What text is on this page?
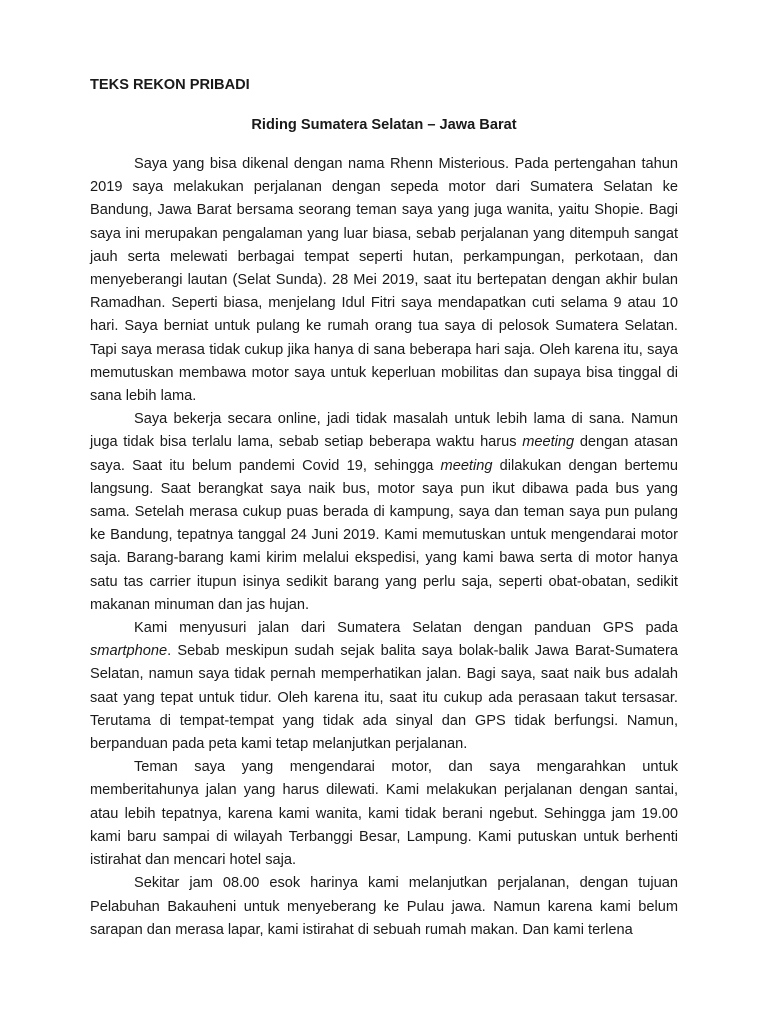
TEKS REKON PRIBADI

Riding Sumatera Selatan – Jawa Barat

Saya yang bisa dikenal dengan nama Rhenn Misterious. Pada pertengahan tahun 2019 saya melakukan perjalanan dengan sepeda motor dari Sumatera Selatan ke Bandung, Jawa Barat bersama seorang teman saya yang juga wanita, yaitu Shopie. Bagi saya ini merupakan pengalaman yang luar biasa, sebab perjalanan yang ditempuh sangat jauh serta melewati berbagai tempat seperti hutan, perkampungan, perkotaan, dan menyeberangi lautan (Selat Sunda). 28 Mei 2019, saat itu bertepatan dengan akhir bulan Ramadhan. Seperti biasa, menjelang Idul Fitri saya mendapatkan cuti selama 9 atau 10 hari. Saya berniat untuk pulang ke rumah orang tua saya di pelosok Sumatera Selatan. Tapi saya merasa tidak cukup jika hanya di sana beberapa hari saja. Oleh karena itu, saya memutuskan membawa motor saya untuk keperluan mobilitas dan supaya bisa tinggal di sana lebih lama.

Saya bekerja secara online, jadi tidak masalah untuk lebih lama di sana. Namun juga tidak bisa terlalu lama, sebab setiap beberapa waktu harus meeting dengan atasan saya. Saat itu belum pandemi Covid 19, sehingga meeting dilakukan dengan bertemu langsung. Saat berangkat saya naik bus, motor saya pun ikut dibawa pada bus yang sama. Setelah merasa cukup puas berada di kampung, saya dan teman saya pun pulang ke Bandung, tepatnya tanggal 24 Juni 2019. Kami memutuskan untuk mengendarai motor saja. Barang-barang kami kirim melalui ekspedisi, yang kami bawa serta di motor hanya satu tas carrier itupun isinya sedikit barang yang perlu saja, seperti obat-obatan, sedikit makanan minuman dan jas hujan.

Kami menyusuri jalan dari Sumatera Selatan dengan panduan GPS pada smartphone. Sebab meskipun sudah sejak balita saya bolak-balik Jawa Barat-Sumatera Selatan, namun saya tidak pernah memperhatikan jalan. Bagi saya, saat naik bus adalah saat yang tepat untuk tidur. Oleh karena itu, saat itu cukup ada perasaan takut tersasar. Terutama di tempat-tempat yang tidak ada sinyal dan GPS tidak berfungsi. Namun, berpanduan pada peta kami tetap melanjutkan perjalanan.

Teman saya yang mengendarai motor, dan saya mengarahkan untuk memberitahunya jalan yang harus dilewati. Kami melakukan perjalanan dengan santai, atau lebih tepatnya, karena kami wanita, kami tidak berani ngebut. Sehingga jam 19.00 kami baru sampai di wilayah Terbanggi Besar, Lampung. Kami putuskan untuk berhenti istirahat dan mencari hotel saja.

Sekitar jam 08.00 esok harinya kami melanjutkan perjalanan, dengan tujuan Pelabuhan Bakauheni untuk menyeberang ke Pulau jawa. Namun karena kami belum sarapan dan merasa lapar, kami istirahat di sebuah rumah makan. Dan kami terlena
